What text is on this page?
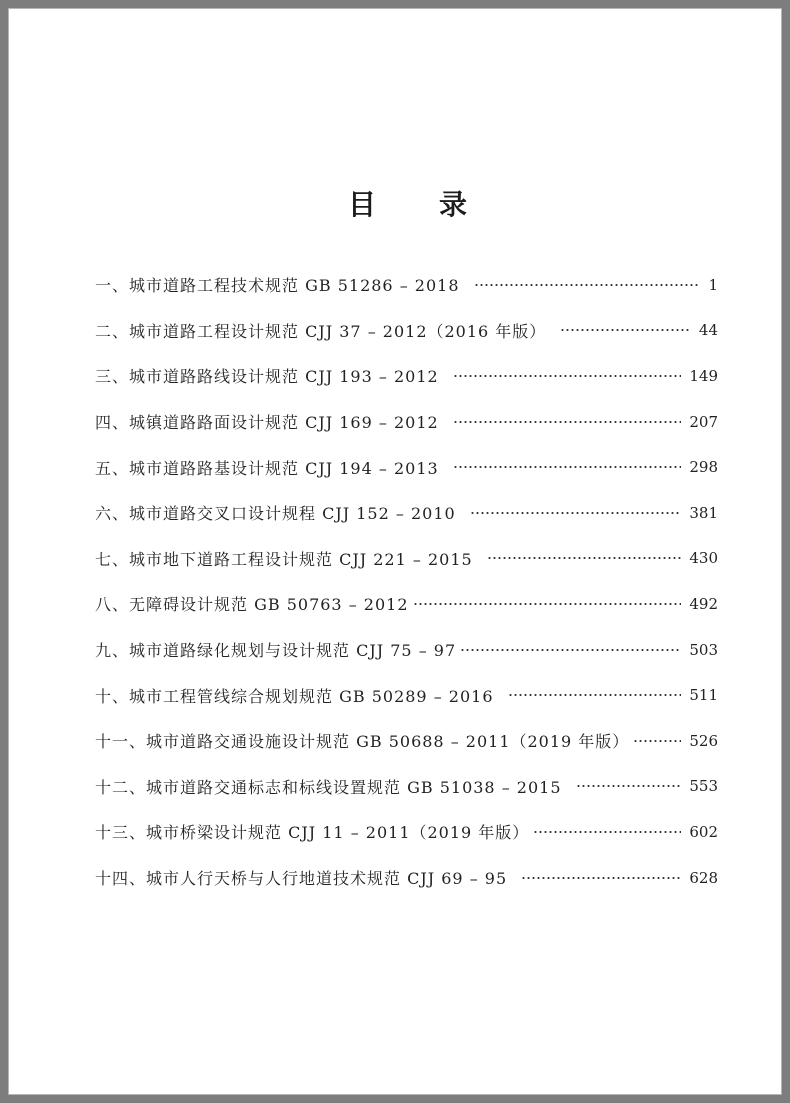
目录
一、城市道路工程技术规范 GB 51286 – 2018	1
二、城市道路工程设计规范 CJJ 37 – 2012（2016 年版）	44
三、城市道路路线设计规范 CJJ 193 – 2012	149
四、城镇道路路面设计规范 CJJ 169 – 2012	207
五、城市道路路基设计规范 CJJ 194 – 2013	298
六、城市道路交叉口设计规程 CJJ 152 – 2010	381
七、城市地下道路工程设计规范 CJJ 221 – 2015	430
八、无障碍设计规范 GB 50763 – 2012	492
九、城市道路绿化规划与设计规范 CJJ 75 – 97	503
十、城市工程管线综合规划规范 GB 50289 – 2016	511
十一、城市道路交通设施设计规范 GB 50688 – 2011（2019 年版）	526
十二、城市道路交通标志和标线设置规范 GB 51038 – 2015	553
十三、城市桥梁设计规范 CJJ 11 – 2011（2019 年版）	602
十四、城市人行天桥与人行地道技术规范 CJJ 69 – 95	628
